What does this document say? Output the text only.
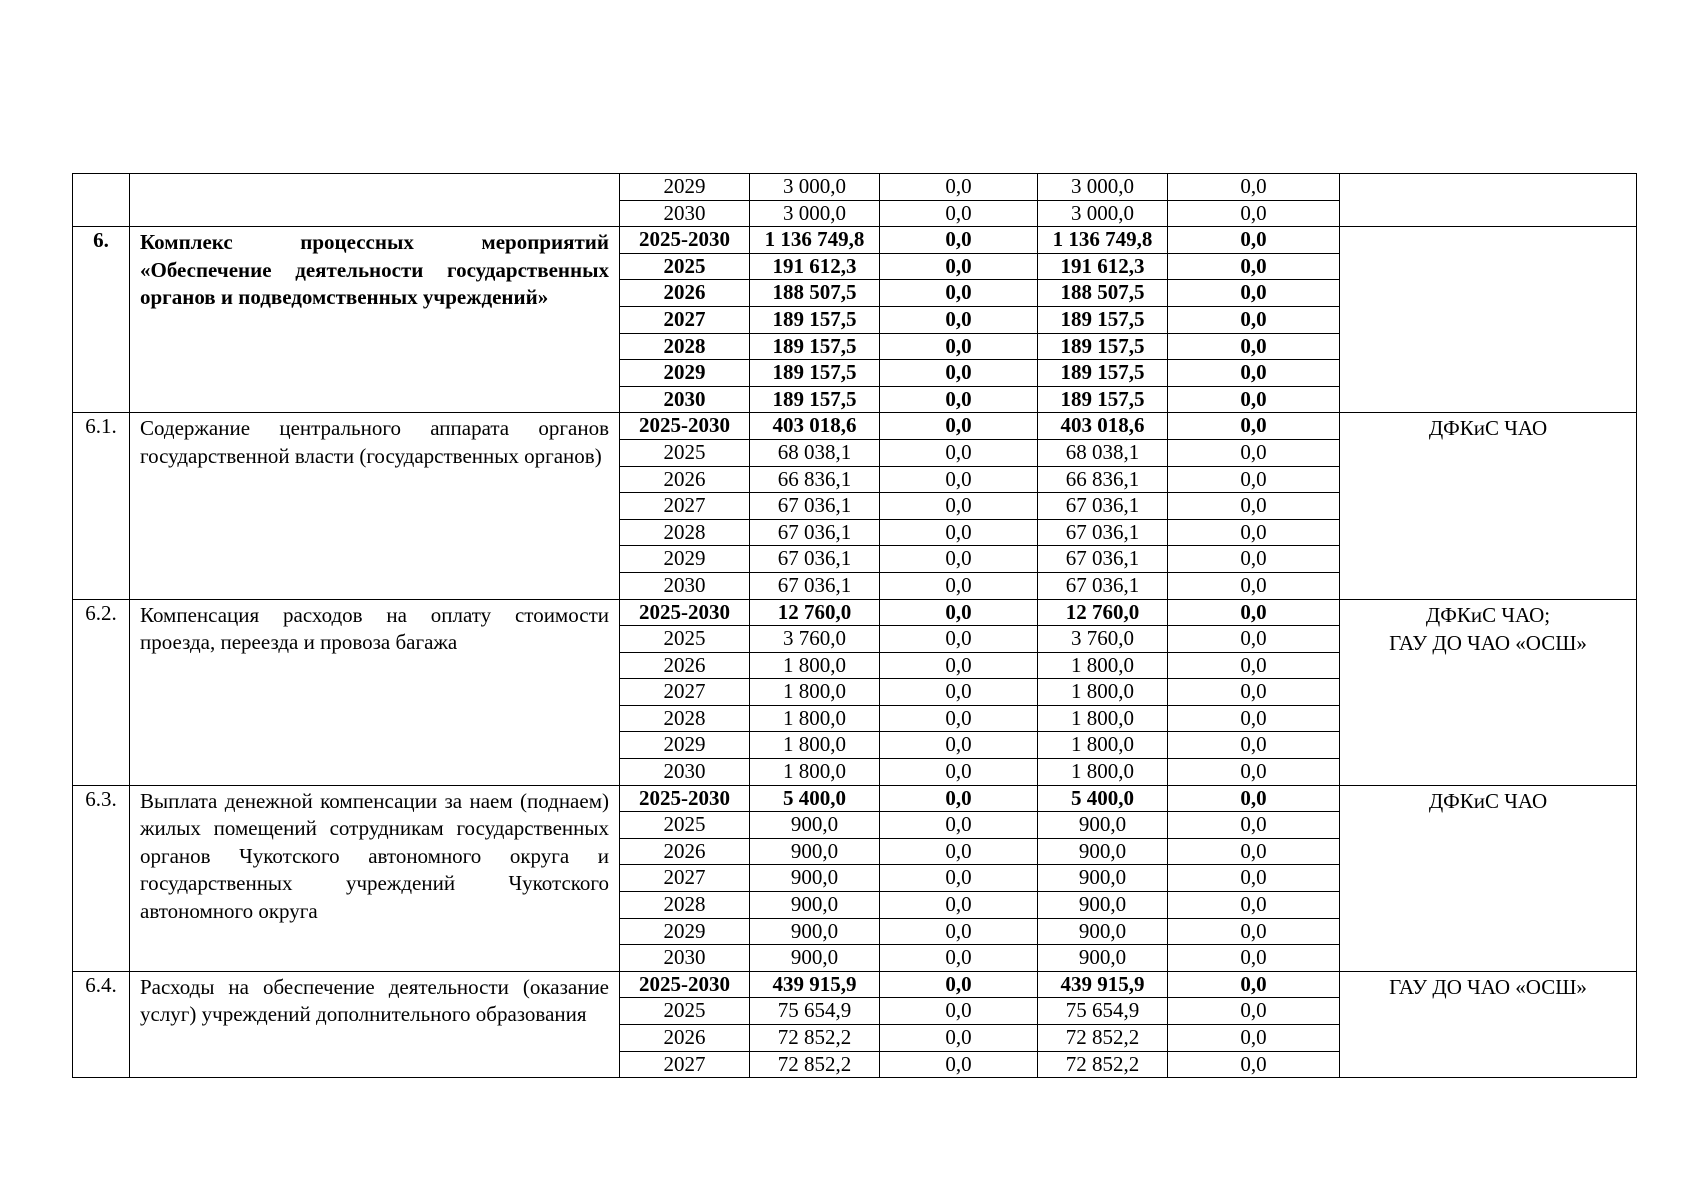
		2029	3 000,0	0,0	3 000,0	0,0	
		2030	3 000,0	0,0	3 000,0	0,0	
6.	Комплекс процессных мероприятий «Обеспечение деятельности государственных органов и подведомственных учреждений»	2025-2030	1 136 749,8	0,0	1 136 749,8	0,0	
		2025	191 612,3	0,0	191 612,3	0,0	
		2026	188 507,5	0,0	188 507,5	0,0	
		2027	189 157,5	0,0	189 157,5	0,0	
		2028	189 157,5	0,0	189 157,5	0,0	
		2029	189 157,5	0,0	189 157,5	0,0	
		2030	189 157,5	0,0	189 157,5	0,0	
6.1.	Содержание центрального аппарата органов государственной власти (государственных органов)	2025-2030	403 018,6	0,0	403 018,6	0,0	ДФКиС ЧАО

		2025	68 038,1	0,0	68 038,1	0,0	
		2026	66 836,1	0,0	66 836,1	0,0	
		2027	67 036,1	0,0	67 036,1	0,0	
		2028	67 036,1	0,0	67 036,1	0,0	
		2029	67 036,1	0,0	67 036,1	0,0	
		2030	67 036,1	0,0	67 036,1	0,0	
6.2.	Компенсация расходов на оплату стоимости проезда, переезда и провоза багажа	2025-2030	12 760,0	0,0	12 760,0	0,0	ДФКиС ЧАО;
ГАУ ДО ЧАО «ОСШ»

		2025	3 760,0	0,0	3 760,0	0,0	
		2026	1 800,0	0,0	1 800,0	0,0	
		2027	1 800,0	0,0	1 800,0	0,0	
		2028	1 800,0	0,0	1 800,0	0,0	
		2029	1 800,0	0,0	1 800,0	0,0	
		2030	1 800,0	0,0	1 800,0	0,0	
6.3.	Выплата денежной компенсации за наем (поднаем) жилых помещений сотрудникам государственных органов Чукотского автономного округа и государственных учреждений Чукотского автономного округа	2025-2030	5 400,0	0,0	5 400,0	0,0	ДФКиС ЧАО

		2025	900,0	0,0	900,0	0,0	
		2026	900,0	0,0	900,0	0,0	
		2027	900,0	0,0	900,0	0,0	
		2028	900,0	0,0	900,0	0,0	
		2029	900,0	0,0	900,0	0,0	
		2030	900,0	0,0	900,0	0,0	
6.4.	Расходы на обеспечение деятельности (оказание услуг) учреждений дополнительного образования	2025-2030	439 915,9	0,0	439 915,9	0,0	ГАУ ДО ЧАО «ОСШ»

		2025	75 654,9	0,0	75 654,9	0,0	
		2026	72 852,2	0,0	72 852,2	0,0	
		2027	72 852,2	0,0	72 852,2	0,0	
